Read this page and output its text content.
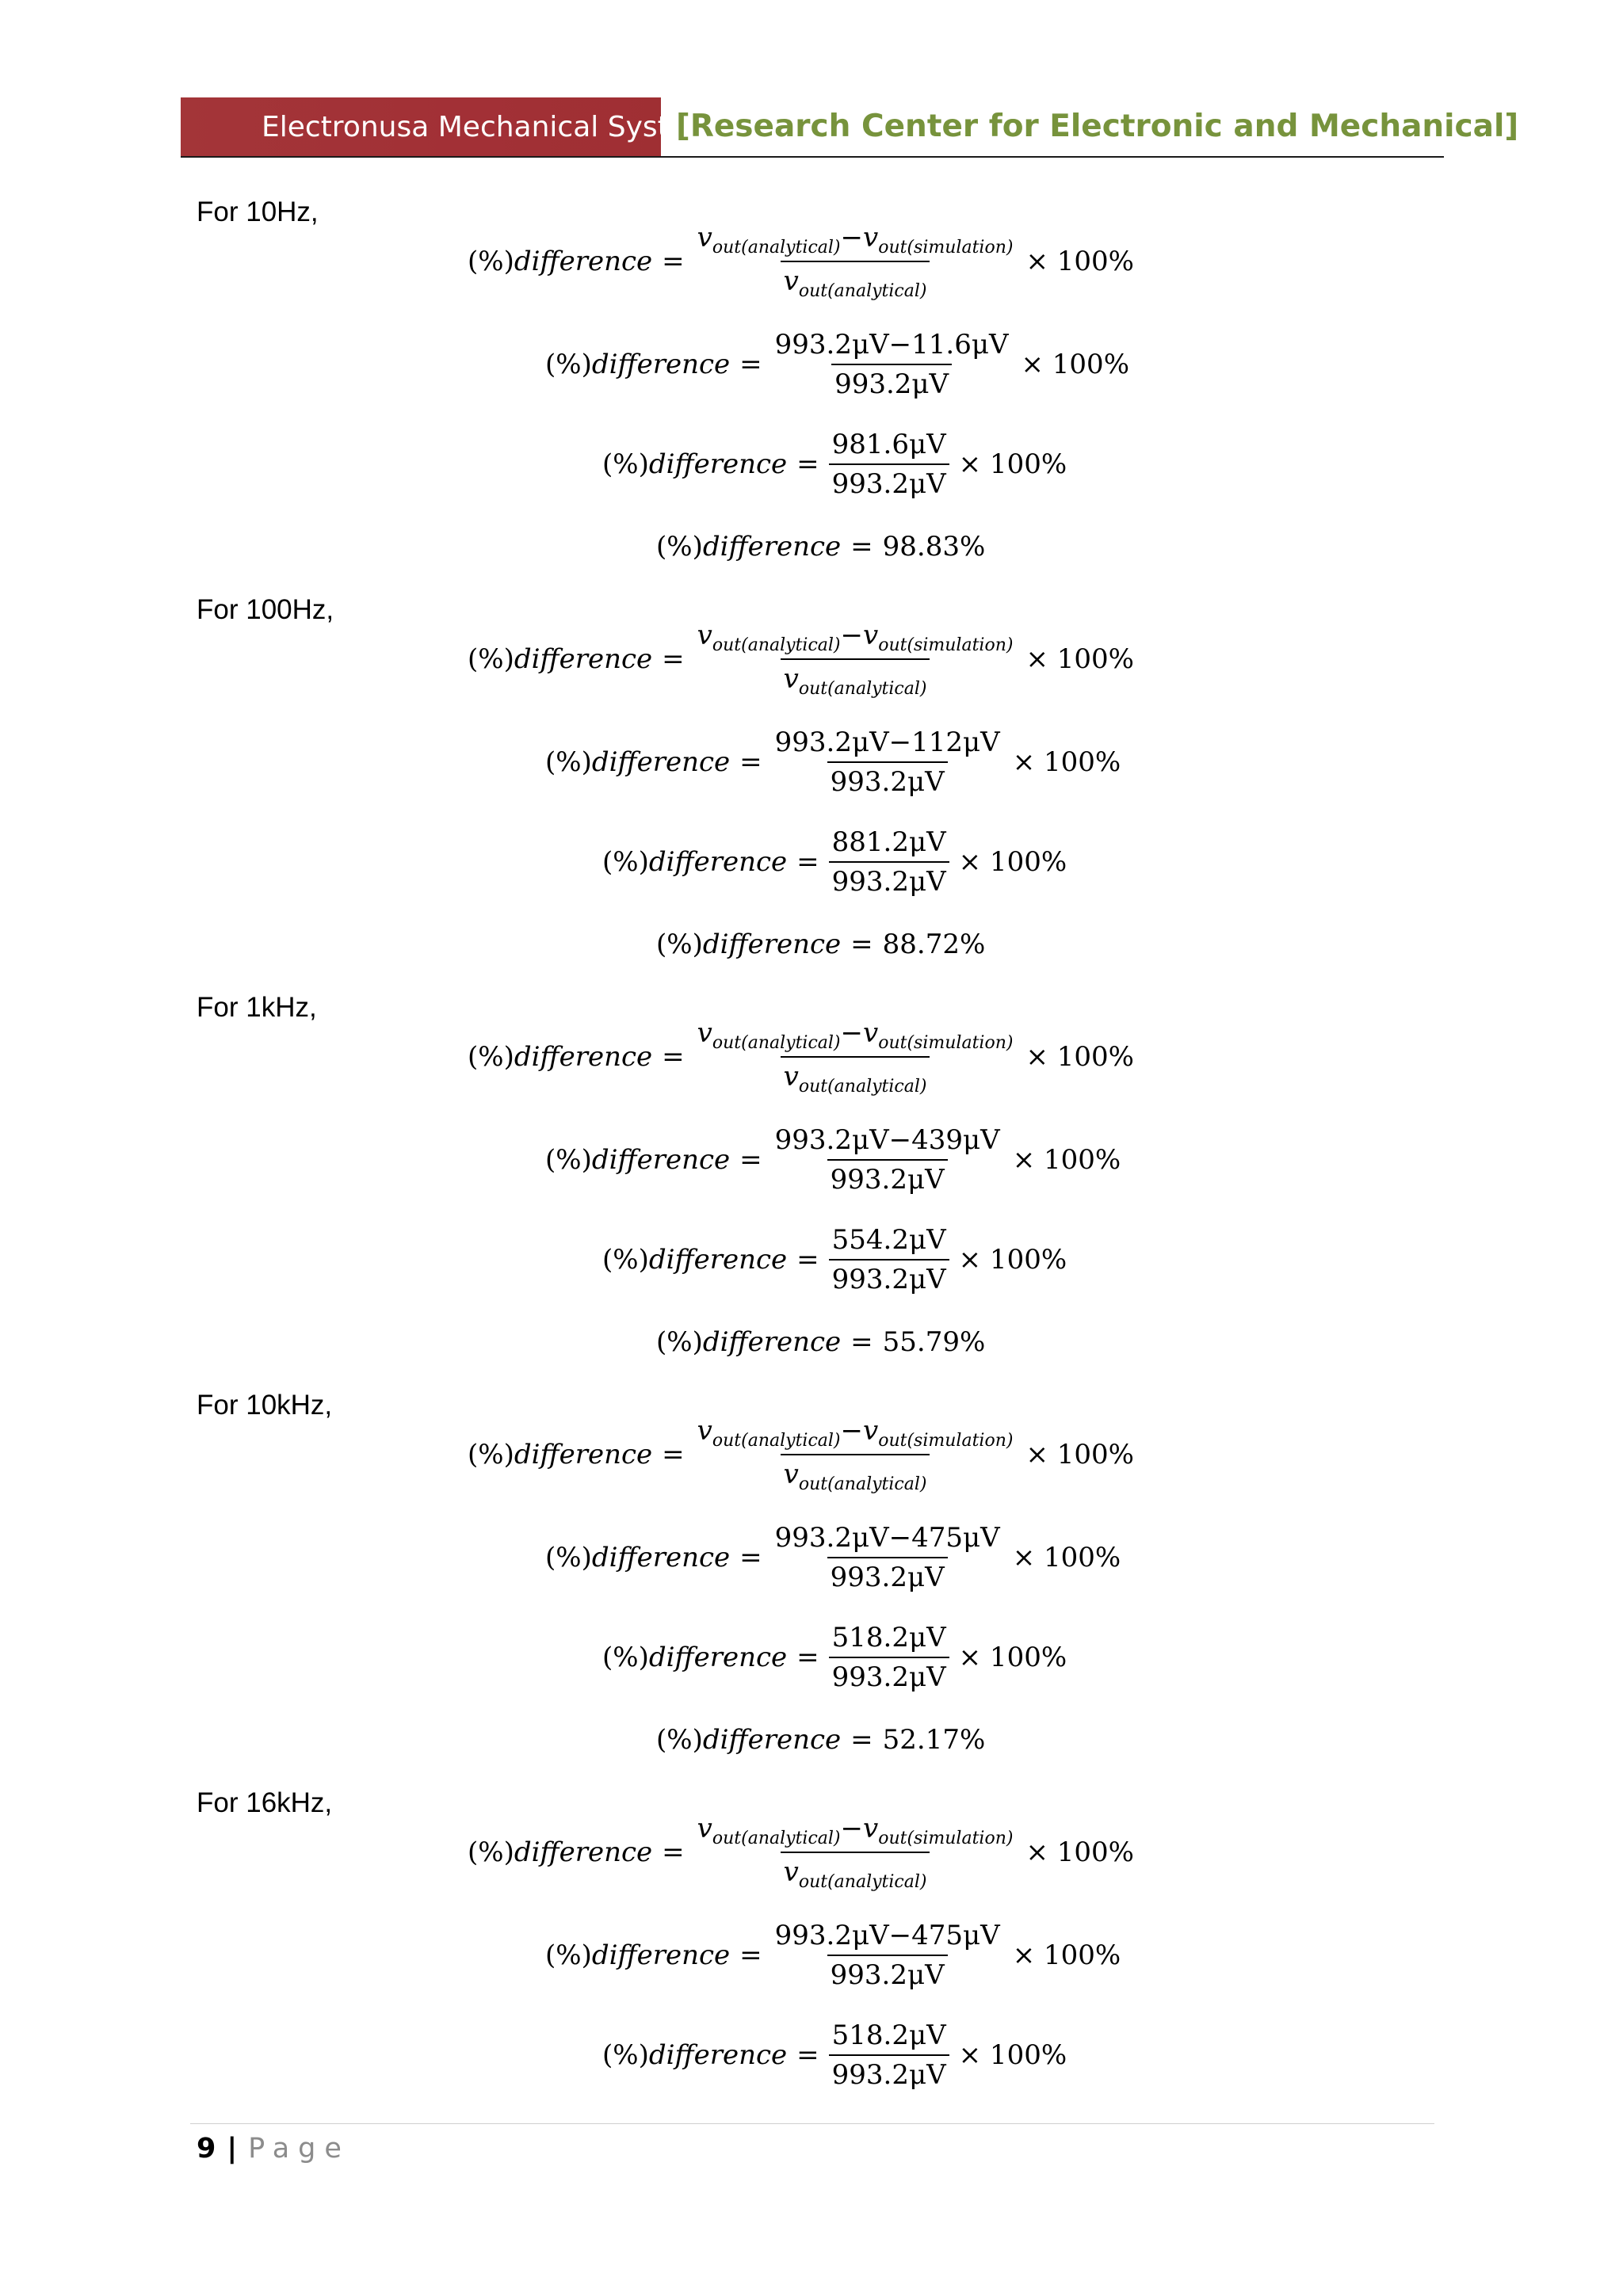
Electronusa Mechanical System
[Research Center for Electronic and Mechanical]
For 10Hz,
(%)difference = $\frac{v_{out(analytical)}-v_{out(simulation)}}{v_{out(analytical)}} \times 100\%$
(%)difference = $\frac{993.2\mu V-11.6\mu V}{993.2\mu V} \times 100\%$
(%)difference = $\frac{981.6\mu V}{993.2\mu V} \times 100\%$
(%)difference = 98.83%
For 100Hz,
(%)difference = $\frac{v_{out(analytical)}-v_{out(simulation)}}{v_{out(analytical)}} \times 100\%$
(%)difference = $\frac{993.2\mu V-112\mu V}{993.2\mu V} \times 100\%$
(%)difference = $\frac{881.2\mu V}{993.2\mu V} \times 100\%$
(%)difference = 88.72%
For 1kHz,
(%)difference = $\frac{v_{out(analytical)}-v_{out(simulation)}}{v_{out(analytical)}} \times 100\%$
(%)difference = $\frac{993.2\mu V-439\mu V}{993.2\mu V} \times 100\%$
(%)difference = $\frac{554.2\mu V}{993.2\mu V} \times 100\%$
(%)difference = 55.79%
For 10kHz,
(%)difference = $\frac{v_{out(analytical)}-v_{out(simulation)}}{v_{out(analytical)}} \times 100\%$
(%)difference = $\frac{993.2\mu V-475\mu V}{993.2\mu V} \times 100\%$
(%)difference = $\frac{518.2\mu V}{993.2\mu V} \times 100\%$
(%)difference = 52.17%
For 16kHz,
(%)difference = $\frac{v_{out(analytical)}-v_{out(simulation)}}{v_{out(analytical)}} \times 100\%$
(%)difference = $\frac{993.2\mu V-475\mu V}{993.2\mu V} \times 100\%$
(%)difference = $\frac{518.2\mu V}{993.2\mu V} \times 100\%$
9 | Page
